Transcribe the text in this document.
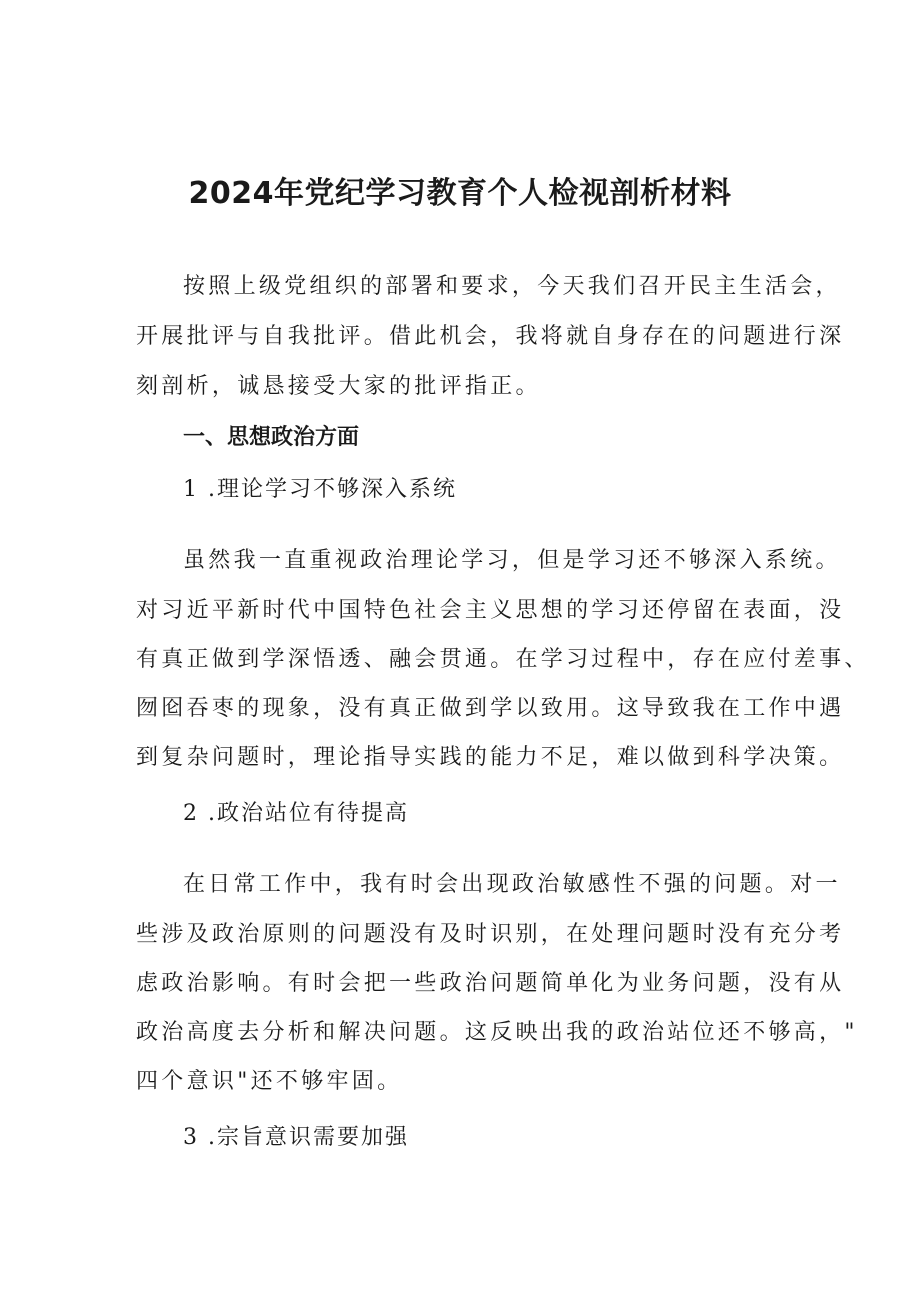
2024年党纪学习教育个人检视剖析材料
按照上级党组织的部署和要求，今天我们召开民主生活会，
开展批评与自我批评。借此机会，我将就自身存在的问题进行深
刻剖析，诚恳接受大家的批评指正。
一、思想政治方面
1 .理论学习不够深入系统
虽然我一直重视政治理论学习，但是学习还不够深入系统。
对习近平新时代中国特色社会主义思想的学习还停留在表面，没
有真正做到学深悟透、融会贯通。在学习过程中，存在应付差事、
囫囵吞枣的现象，没有真正做到学以致用。这导致我在工作中遇
到复杂问题时，理论指导实践的能力不足，难以做到科学决策。
2 .政治站位有待提高
在日常工作中，我有时会出现政治敏感性不强的问题。对一
些涉及政治原则的问题没有及时识别，在处理问题时没有充分考
虑政治影响。有时会把一些政治问题简单化为业务问题，没有从
政治高度去分析和解决问题。这反映出我的政治站位还不够高，"
四个意识"还不够牢固。
3 .宗旨意识需要加强
